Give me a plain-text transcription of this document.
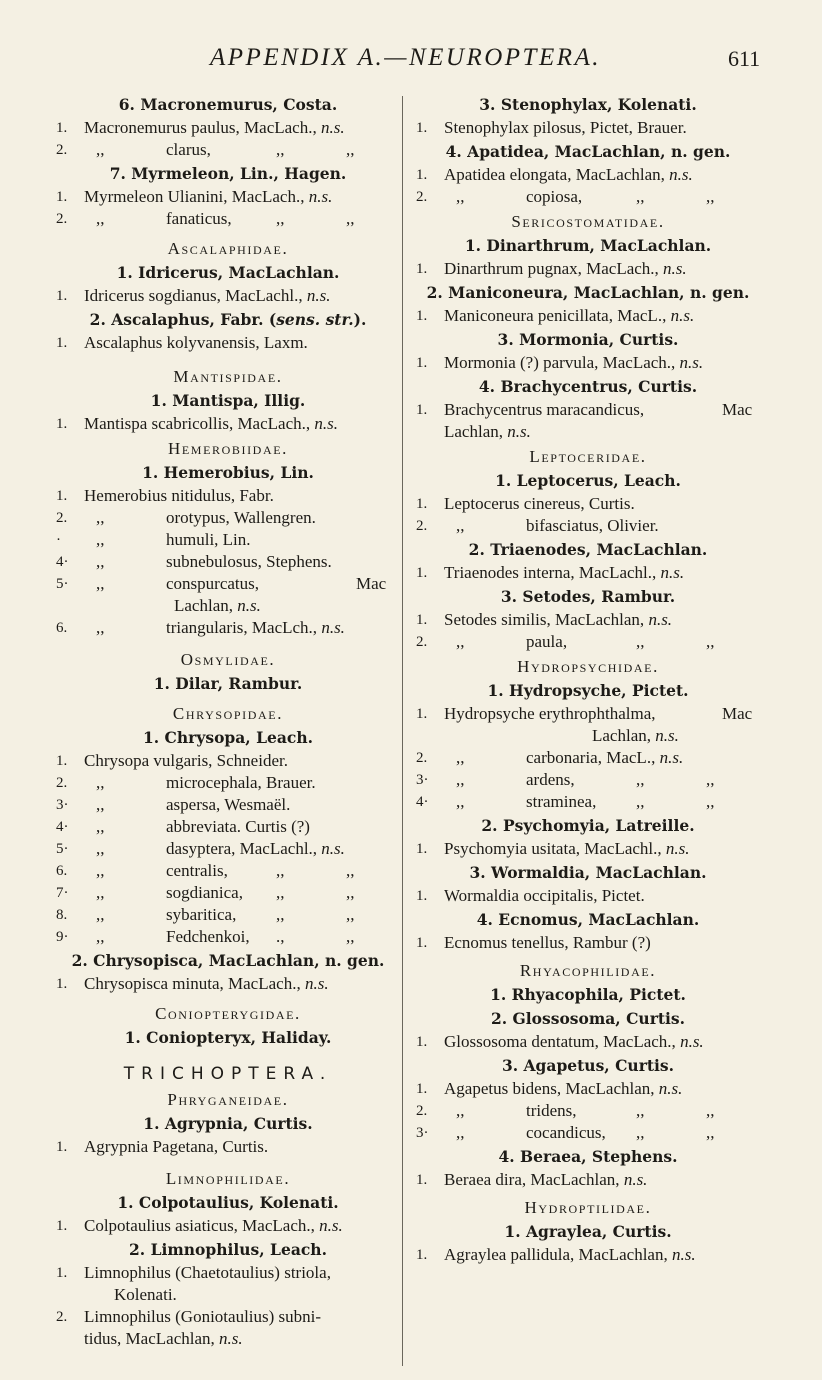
APPENDIX A.—NEUROPTERA.	611
6. Macronemurus, Costa.
1. Macronemurus paulus, MacLach., n.s.
2. ,,	clarus,	,,	,,
7. Myrmeleon, Lin., Hagen.
1. Myrmeleon Ulianini, MacLach., n.s.
2. ,,	fanaticus,	,,	,,
Ascalaphidae.
1. Idricerus, MacLachlan.
1. Idricerus sogdianus, MacLachl., n.s.
2. Ascalaphus, Fabr. (sens. str.).
1. Ascalaphus kolyvanensis, Laxm.
Mantispidae.
1. Mantispa, Illig.
1. Mantispa scabricollis, MacLach., n.s.
Hemerobiidae.
1. Hemerobius, Lin.
1. Hemerobius nitidulus, Fabr.
2. ,,	orotypus, Wallengren.
· ,,	humuli, Lin.
4· ,,	subnebulosus, Stephens.
5· ,,	conspurcatus,	Mac
Lachlan, n.s.
6. ,,	triangularis, MacLch., n.s.
Osmylidae.
1. Dilar, Rambur.
Chrysopidae.
1. Chrysopa, Leach.
1. Chrysopa vulgaris, Schneider.
2. ,,	microcephala, Brauer.
3· ,,	aspersa, Wesmaël.
4· ,,	abbreviata. Curtis (?)
5· ,,	dasyptera, MacLachl., n.s.
6. ,,	centralis,	,,	,,
7· ,,	sogdianica, ,,	,,
8. ,,	sybaritica, ,,	,,
9· ,,	Fedchenkoi, .,	,,
2. Chrysopisca, MacLachlan, n. gen.
1. Chrysopisca minuta, MacLach., n.s.
Coniopterygidae.
1. Coniopteryx, Haliday.
TRICHOPTERA.
Phryganeidae.
1. Agrypnia, Curtis.
1. Agrypnia Pagetana, Curtis.
Limnophilidae.
1. Colpotaulius, Kolenati.
1. Colpotaulius asiaticus, MacLach., n.s.
2. Limnophilus, Leach.
1. Limnophilus (Chaetotaulius) striola,
Kolenati.
2. Limnophilus (Goniotaulius) subni-
tidus, MacLachlan, n.s.
3. Stenophylax, Kolenati.
1. Stenophylax pilosus, Pictet, Brauer.
4. Apatidea, MacLachlan, n. gen.
1. Apatidea elongata, MacLachlan, n.s.
2. ,,	copiosa,	,,	,,
Sericostomatidae.
1. Dinarthrum, MacLachlan.
1. Dinarthrum pugnax, MacLach., n.s.
2. Maniconeura, MacLachlan, n. gen.
1. Maniconeura penicillata, MacL., n.s.
3. Mormonia, Curtis.
1. Mormonia (?) parvula, MacLach., n.s.
4. Brachycentrus, Curtis.
1. Brachycentrus maracandicus,	Mac
Lachlan, n.s.
Leptoceridae.
1. Leptocerus, Leach.
1. Leptocerus cinereus, Curtis.
2. ,,	bifasciatus, Olivier.
2. Triaenodes, MacLachlan.
1. Triaenodes interna, MacLachl., n.s.
3. Setodes, Rambur.
1. Setodes similis, MacLachlan, n.s.
2. ,,	paula,	,,	,,
Hydropsychidae.
1. Hydropsyche, Pictet.
1. Hydropsyche erythrophthalma,	Mac
Lachlan, n.s.
2. ,,	carbonaria, MacL., n.s.
3· ,,	ardens,	,,	,,
4· ,,	straminea, ,,	,,
2. Psychomyia, Latreille.
1. Psychomyia usitata, MacLachl., n.s.
3. Wormaldia, MacLachlan.
1. Wormaldia occipitalis, Pictet.
4. Ecnomus, MacLachlan.
1. Ecnomus tenellus, Rambur (?)
Rhyacophilidae.
1. Rhyacophila, Pictet.
2. Glossosoma, Curtis.
1. Glossosoma dentatum, MacLach., n.s.
3. Agapetus, Curtis.
1. Agapetus bidens, MacLachlan, n.s.
2. ,,	tridens,	,,	,,
3· ,,	cocandicus, ,,	,,
4. Beraea, Stephens.
1. Beraea dira, MacLachlan, n.s.
Hydroptilidae.
1. Agraylea, Curtis.
1. Agraylea pallidula, MacLachlan, n.s.
